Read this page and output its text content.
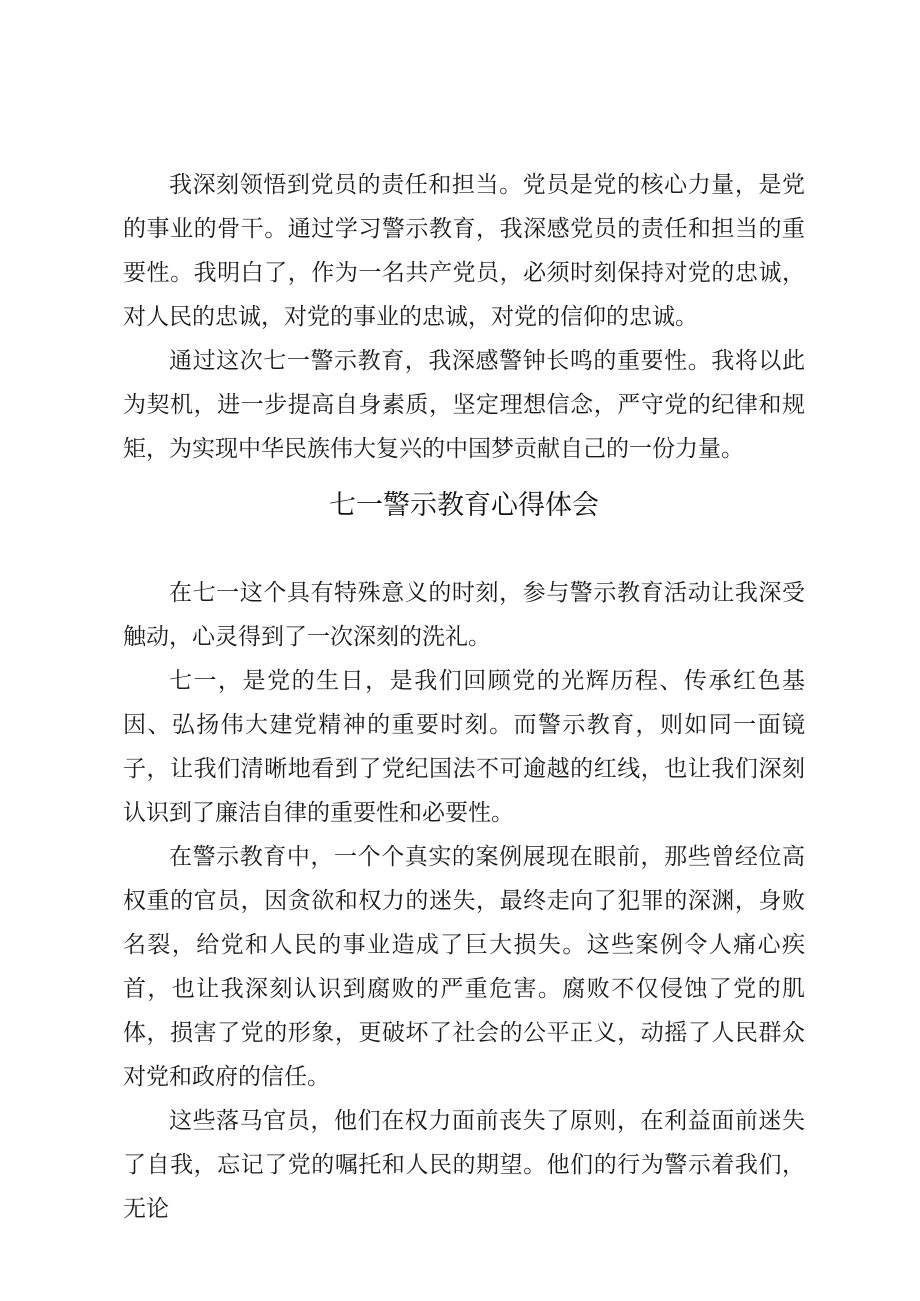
我深刻领悟到党员的责任和担当。党员是党的核心力量，是党的事业的骨干。通过学习警示教育，我深感党员的责任和担当的重要性。我明白了，作为一名共产党员，必须时刻保持对党的忠诚，对人民的忠诚，对党的事业的忠诚，对党的信仰的忠诚。

通过这次七一警示教育，我深感警钟长鸣的重要性。我将以此为契机，进一步提高自身素质，坚定理想信念，严守党的纪律和规矩，为实现中华民族伟大复兴的中国梦贡献自己的一份力量。

七一警示教育心得体会

在七一这个具有特殊意义的时刻，参与警示教育活动让我深受触动，心灵得到了一次深刻的洗礼。

七一，是党的生日，是我们回顾党的光辉历程、传承红色基因、弘扬伟大建党精神的重要时刻。而警示教育，则如同一面镜子，让我们清晰地看到了党纪国法不可逾越的红线，也让我们深刻认识到了廉洁自律的重要性和必要性。

在警示教育中，一个个真实的案例展现在眼前，那些曾经位高权重的官员，因贪欲和权力的迷失，最终走向了犯罪的深渊，身败名裂，给党和人民的事业造成了巨大损失。这些案例令人痛心疾首，也让我深刻认识到腐败的严重危害。腐败不仅侵蚀了党的肌体，损害了党的形象，更破坏了社会的公平正义，动摇了人民群众对党和政府的信任。

这些落马官员，他们在权力面前丧失了原则，在利益面前迷失了自我，忘记了党的嘱托和人民的期望。他们的行为警示着我们，无论
